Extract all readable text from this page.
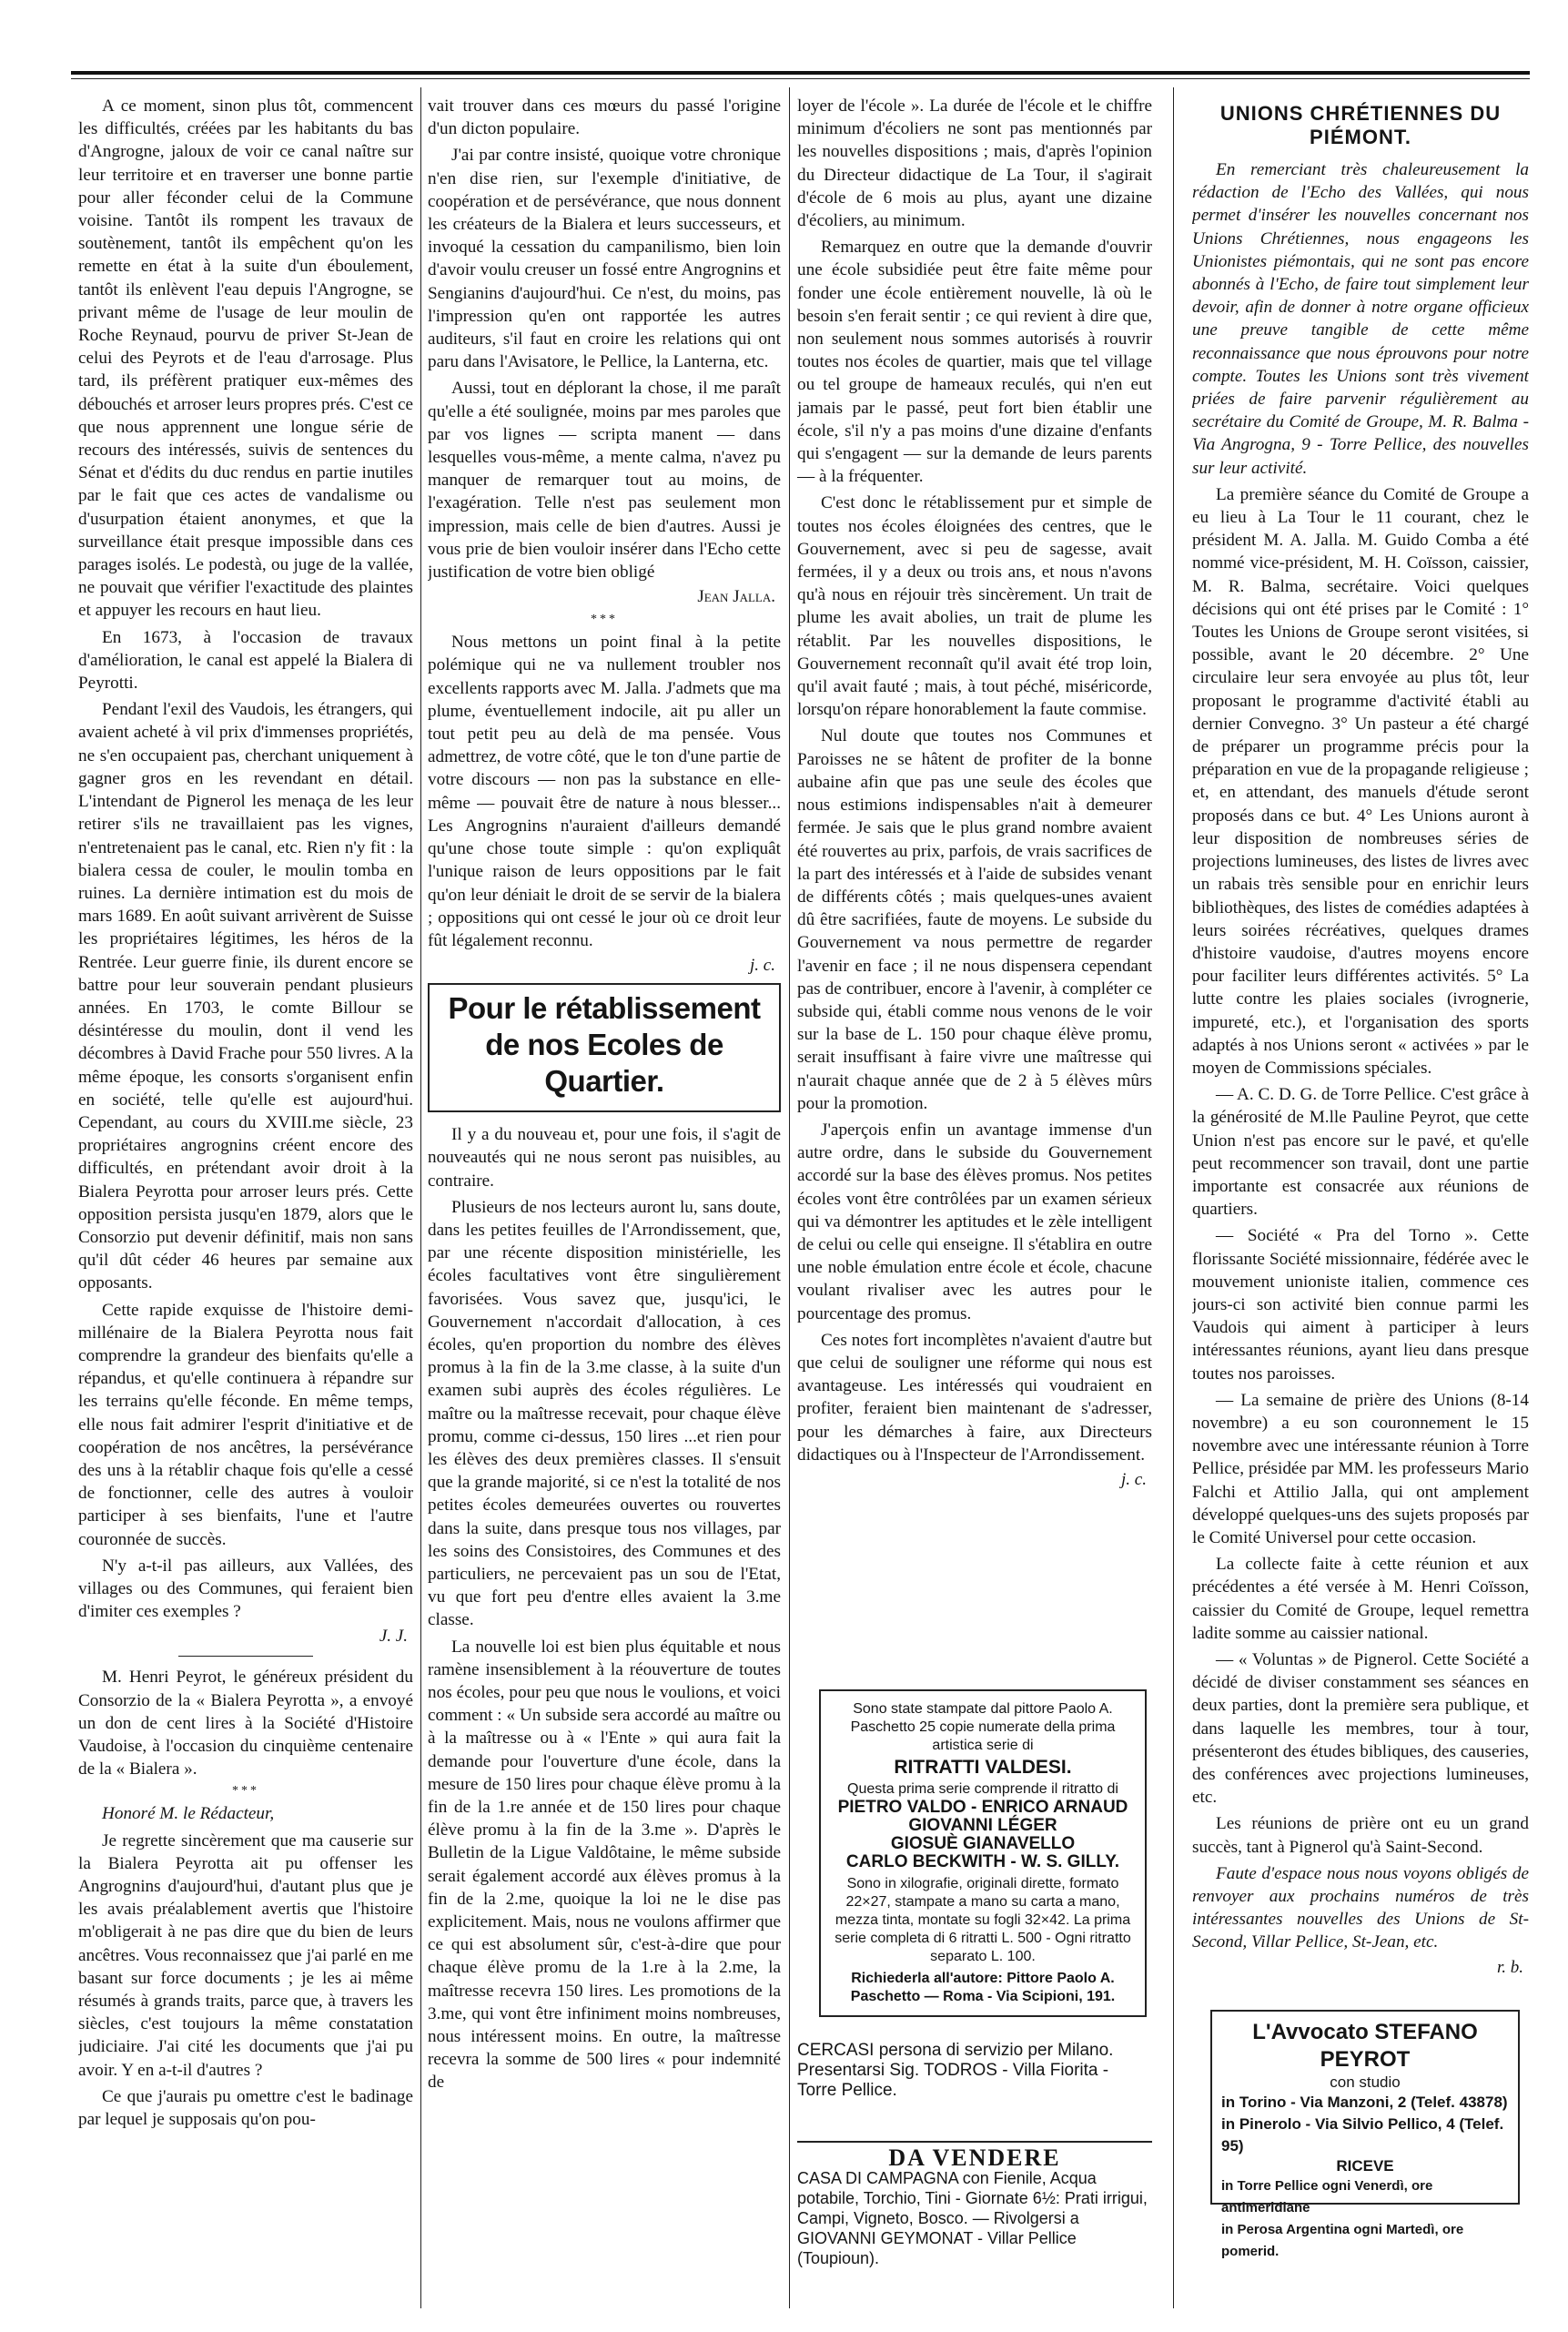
A ce moment, sinon plus tôt, commencent les difficultés, créées par les habitants du bas d'Angrogne, jaloux de voir ce canal naître sur leur territoire et en traverser une bonne partie pour aller féconder celui de la Commune voisine. Tantôt ils rompent les travaux de soutènement, tantôt ils empêchent qu'on les remette en état à la suite d'un éboulement, tantôt ils enlèvent l'eau depuis l'Angrogne, se privant même de l'usage de leur moulin de Roche Reynaud, pourvu de priver St-Jean de celui des Peyrots et de l'eau d'arrosage. Plus tard, ils préfèrent pratiquer eux-mêmes des débouchés et arroser leurs propres prés. C'est ce que nous apprennent une longue série de recours des intéressés, suivis de sentences du Sénat et d'édits du duc rendus en partie inutiles par le fait que ces actes de vandalisme ou d'usurpation étaient anonymes, et que la surveillance était presque impossible dans ces parages isolés. Le podestà, ou juge de la vallée, ne pouvait que vérifier l'exactitude des plaintes et appuyer les recours en haut lieu.

En 1673, à l'occasion de travaux d'amélioration, le canal est appelé la Bialera di Peyrotti.

Pendant l'exil des Vaudois, les étrangers, qui avaient acheté à vil prix d'immenses propriétés, ne s'en occupaient pas, cherchant uniquement à gagner gros en les revendant en détail. L'intendant de Pignerol les menaça de les leur retirer s'ils ne travaillaient pas les vignes, n'entretenaient pas le canal, etc. Rien n'y fit : la bialera cessa de couler, le moulin tomba en ruines. La dernière intimation est du mois de mars 1689. En août suivant arrivèrent de Suisse les propriétaires légitimes, les héros de la Rentrée. Leur guerre finie, ils durent encore se battre pour leur souverain pendant plusieurs années. En 1703, le comte Billour se désintéresse du moulin, dont il vend les décombres à David Frache pour 550 livres. A la même époque, les consorts s'organisent enfin en société, telle qu'elle est aujourd'hui. Cependant, au cours du XVIII.me siècle, 23 propriétaires angrognins créent encore des difficultés, en prétendant avoir droit à la Bialera Peyrotta pour arroser leurs prés. Cette opposition persista jusqu'en 1879, alors que le Consorzio put devenir définitif, mais non sans qu'il dût céder 46 heures par semaine aux opposants.

Cette rapide exquisse de l'histoire demi-millénaire de la Bialera Peyrotta nous fait comprendre la grandeur des bienfaits qu'elle a répandus, et qu'elle continuera à répandre sur les terrains qu'elle féconde. En même temps, elle nous fait admirer l'esprit d'initiative et de coopération de nos ancêtres, la persévérance des uns à la rétablir chaque fois qu'elle a cessé de fonctionner, celle des autres à vouloir participer à ses bienfaits, l'une et l'autre couronnée de succès.

N'y a-t-il pas ailleurs, aux Vallées, des villages ou des Communes, qui feraient bien d'imiter ces exemples ?

J. J.

M. Henri Peyrot, le généreux président du Consorzio de la « Bialera Peyrotta », a envoyé un don de cent lires à la Société d'Histoire Vaudoise, à l'occasion du cinquième centenaire de la « Bialera ».

***

Honoré M. le Rédacteur,

Je regrette sincèrement que ma causerie sur la Bialera Peyrotta ait pu offenser les Angrognins d'aujourd'hui, d'autant plus que je les avais préalablement avertis que l'histoire m'obligerait à ne pas dire que du bien de leurs ancêtres. Vous reconnaissez que j'ai parlé en me basant sur force documents ; je les ai même résumés à grands traits, parce que, à travers les siècles, c'est toujours la même constatation judiciaire. J'ai cité les documents que j'ai pu avoir. Y en a-t-il d'autres ?

Ce que j'aurais pu omettre c'est le badinage par lequel je supposais qu'on pou-

vait trouver dans ces mœurs du passé l'origine d'un dicton populaire.

J'ai par contre insisté, quoique votre chronique n'en dise rien, sur l'exemple d'initiative, de coopération et de persévérance, que nous donnent les créateurs de la Bialera et leurs successeurs, et invoqué la cessation du campanilismo, bien loin d'avoir voulu creuser un fossé entre Angrognins et Sengianins d'aujourd'hui. Ce n'est, du moins, pas l'impression qu'en ont rapportée les autres auditeurs, s'il faut en croire les relations qui ont paru dans l'Avisatore, le Pellice, la Lanterna, etc.

Aussi, tout en déplorant la chose, il me paraît qu'elle a été soulignée, moins par mes paroles que par vos lignes — scripta manent — dans lesquelles vous-même, a mente calma, n'avez pu manquer de remarquer tout au moins, de l'exagération. Telle n'est pas seulement mon impression, mais celle de bien d'autres. Aussi je vous prie de bien vouloir insérer dans l'Echo cette justification de votre bien obligé

Jean Jalla.
***

Nous mettons un point final à la petite polémique qui ne va nullement troubler nos excellents rapports avec M. Jalla. J'admets que ma plume, éventuellement indocile, ait pu aller un tout petit peu au delà de ma pensée. Vous admettrez, de votre côté, que le ton d'une partie de votre discours — non pas la substance en elle-même — pouvait être de nature à nous blesser... Les Angrognins n'auraient d'ailleurs demandé qu'une chose toute simple : qu'on expliquât l'unique raison de leurs oppositions par le fait qu'on leur déniait le droit de se servir de la bialera ; oppositions qui ont cessé le jour où ce droit leur fût légalement reconnu.

j. c.
Pour le rétablissement
de nos Ecoles de Quartier.

Il y a du nouveau et, pour une fois, il s'agit de nouveautés qui ne nous seront pas nuisibles, au contraire.

Plusieurs de nos lecteurs auront lu, sans doute, dans les petites feuilles de l'Arrondissement, que, par une récente disposition ministérielle, les écoles facultatives vont être singulièrement favorisées. Vous savez que, jusqu'ici, le Gouvernement n'accordait d'allocation, à ces écoles, qu'en proportion du nombre des élèves promus à la fin de la 3.me classe, à la suite d'un examen subi auprès des écoles régulières. Le maître ou la maîtresse recevait, pour chaque élève promu, comme ci-dessus, 150 lires ...et rien pour les élèves des deux premières classes. Il s'ensuit que la grande majorité, si ce n'est la totalité de nos petites écoles demeurées ouvertes ou rouvertes dans la suite, dans presque tous nos villages, par les soins des Consistoires, des Communes et des particuliers, ne percevaient pas un sou de l'Etat, vu que fort peu d'entre elles avaient la 3.me classe.

La nouvelle loi est bien plus équitable et nous ramène insensiblement à la réouverture de toutes nos écoles, pour peu que nous le voulions, et voici comment : « Un subside sera accordé au maître ou à la maîtresse ou à « l'Ente » qui aura fait la demande pour l'ouverture d'une école, dans la mesure de 150 lires pour chaque élève promu à la fin de la 1.re année et de 150 lires pour chaque élève promu à la fin de la 3.me ». D'après le Bulletin de la Ligue Valdôtaine, le même subside serait également accordé aux élèves promus à la fin de la 2.me, quoique la loi ne le dise pas explicitement. Mais, nous ne voulons affirmer que ce qui est absolument sûr, c'est-à-dire que pour chaque élève promu de la 1.re à la 2.me, la maîtresse recevra 150 lires. Les promotions de la 3.me, qui vont être infiniment moins nombreuses, nous intéressent moins. En outre, la maîtresse recevra la somme de 500 lires « pour indemnité de

loyer de l'école ». La durée de l'école et le chiffre minimum d'écoliers ne sont pas mentionnés par les nouvelles dispositions ; mais, d'après l'opinion du Directeur didactique de La Tour, il s'agirait d'école de 6 mois au plus, ayant une dizaine d'écoliers, au minimum.

Remarquez en outre que la demande d'ouvrir une école subsidiée peut être faite même pour fonder une école entièrement nouvelle, là où le besoin s'en ferait sentir ; ce qui revient à dire que, non seulement nous sommes autorisés à rouvrir toutes nos écoles de quartier, mais que tel village ou tel groupe de hameaux reculés, qui n'en eut jamais par le passé, peut fort bien établir une école, s'il n'y a pas moins d'une dizaine d'enfants qui s'engagent — sur la demande de leurs parents — à la fréquenter.

C'est donc le rétablissement pur et simple de toutes nos écoles éloignées des centres, que le Gouvernement, avec si peu de sagesse, avait fermées, il y a deux ou trois ans, et nous n'avons qu'à nous en réjouir très sincèrement. Un trait de plume les avait abolies, un trait de plume les rétablit. Par les nouvelles dispositions, le Gouvernement reconnaît qu'il avait été trop loin, qu'il avait fauté ; mais, à tout péché, miséricorde, lorsqu'on répare honorablement la faute commise.

Nul doute que toutes nos Communes et Paroisses ne se hâtent de profiter de la bonne aubaine afin que pas une seule des écoles que nous estimions indispensables n'ait à demeurer fermée. Je sais que le plus grand nombre avaient été rouvertes au prix, parfois, de vrais sacrifices de la part des intéressés et à l'aide de subsides venant de différents côtés ; mais quelques-unes avaient dû être sacrifiées, faute de moyens. Le subside du Gouvernement va nous permettre de regarder l'avenir en face ; il ne nous dispensera cependant pas de contribuer, encore à l'avenir, à compléter ce subside qui, établi comme nous venons de le voir sur la base de L. 150 pour chaque élève promu, serait insuffisant à faire vivre une maîtresse qui n'aurait chaque année que de 2 à 5 élèves mûrs pour la promotion.

J'aperçois enfin un avantage immense d'un autre ordre, dans le subside du Gouvernement accordé sur la base des élèves promus. Nos petites écoles vont être contrôlées par un examen sérieux qui va démontrer les aptitudes et le zèle intelligent de celui ou celle qui enseigne. Il s'établira en outre une noble émulation entre école et école, chacune voulant rivaliser avec les autres pour le pourcentage des promus.

Ces notes fort incomplètes n'avaient d'autre but que celui de souligner une réforme qui nous est avantageuse. Les intéressés qui voudraient en profiter, feraient bien maintenant de s'adresser, pour les démarches à faire, aux Directeurs didactiques ou à l'Inspecteur de l'Arrondissement.

j. c.
Sono state stampate dal pittore Paolo A. Paschetto 25 copie numerate della prima artistica serie di
RITRATTI VALDESI.
Questa prima serie comprende il ritratto di
PIETRO VALDO - ENRICO ARNAUD
GIOVANNI LÉGER
GIOSUÈ GIANAVELLO
CARLO BECKWITH - W. S. GILLY.
Sono in xilografie, originali dirette, formato 22×27, stampate a mano su carta a mano, mezza tinta, montate su fogli 32×42. La prima serie completa di 6 ritratti L. 500 - Ogni ritratto separato L. 100.
Richiederla all'autore: Pittore Paolo A. Paschetto — Roma - Via Scipioni, 191.
CERCASI persona di servizio per Milano. Presentarsi Sig. TODROS - Villa Fiorita - Torre Pellice.
DA VENDERE
CASA DI CAMPAGNA con Fienile, Acqua potabile, Torchio, Tini - Giornate 6½: Prati irrigui, Campi, Vigneto, Bosco. — Rivolgersi a GIOVANNI GEYMONAT - Villar Pellice (Toupioun).
UNIONS CHRÉTIENNES DU PIÉMONT.

En remerciant très chaleureusement la rédaction de l'Echo des Vallées, qui nous permet d'insérer les nouvelles concernant nos Unions Chrétiennes, nous engageons les Unionistes piémontais, qui ne sont pas encore abonnés à l'Echo, de faire tout simplement leur devoir, afin de donner à notre organe officieux une preuve tangible de cette même reconnaissance que nous éprouvons pour notre compte. Toutes les Unions sont très vivement priées de faire parvenir régulièrement au secrétaire du Comité de Groupe, M. R. Balma - Via Angrogna, 9 - Torre Pellice, des nouvelles sur leur activité.

La première séance du Comité de Groupe a eu lieu à La Tour le 11 courant, chez le président M. A. Jalla. M. Guido Comba a été nommé vice-président, M. H. Coïsson, caissier, M. R. Balma, secrétaire. Voici quelques décisions qui ont été prises par le Comité : 1° Toutes les Unions de Groupe seront visitées, si possible, avant le 20 décembre. 2° Une circulaire leur sera envoyée au plus tôt, leur proposant le programme d'activité établi au dernier Convegno. 3° Un pasteur a été chargé de préparer un programme précis pour la préparation en vue de la propagande religieuse ; et, en attendant, des manuels d'étude seront proposés dans ce but. 4° Les Unions auront à leur disposition de nombreuses séries de projections lumineuses, des listes de livres avec un rabais très sensible pour en enrichir leurs bibliothèques, des listes de comédies adaptées à leurs soirées récréatives, quelques drames d'histoire vaudoise, d'autres moyens encore pour faciliter leurs différentes activités. 5° La lutte contre les plaies sociales (ivrognerie, impureté, etc.), et l'organisation des sports adaptés à nos Unions seront « activées » par le moyen de Commissions spéciales.

— A. C. D. G. de Torre Pellice. C'est grâce à la générosité de M.lle Pauline Peyrot, que cette Union n'est pas encore sur le pavé, et qu'elle peut recommencer son travail, dont une partie importante est consacrée aux réunions de quartiers.

— Société « Pra del Torno ». Cette florissante Société missionnaire, fédérée avec le mouvement unioniste italien, commence ces jours-ci son activité bien connue parmi les Vaudois qui aiment à participer à leurs intéressantes réunions, ayant lieu dans presque toutes nos paroisses.

— La semaine de prière des Unions (8-14 novembre) a eu son couronnement le 15 novembre avec une intéressante réunion à Torre Pellice, présidée par MM. les professeurs Mario Falchi et Attilio Jalla, qui ont amplement développé quelques-uns des sujets proposés par le Comité Universel pour cette occasion.

La collecte faite à cette réunion et aux précédentes a été versée à M. Henri Coïsson, caissier du Comité de Groupe, lequel remettra ladite somme au caissier national.

— « Voluntas » de Pignerol. Cette Société a décidé de diviser constamment ses séances en deux parties, dont la première sera publique, et dans laquelle les membres, tour à tour, présenteront des études bibliques, des causeries, des conférences avec projections lumineuses, etc.

Les réunions de prière ont eu un grand succès, tant à Pignerol qu'à Saint-Second.

Faute d'espace nous nous voyons obligés de renvoyer aux prochains numéros de très intéressantes nouvelles des Unions de St-Second, Villar Pellice, St-Jean, etc.

r. b.
L'Avvocato STEFANO PEYROT
con studio
in Torino - Via Manzoni, 2 (Telef. 43878)
in Pinerolo - Via Silvio Pellico, 4 (Telef. 95)
RICEVE
in Torre Pellice ogni Venerdì, ore antimeridiane
in Perosa Argentina ogni Martedì, ore pomerid.
